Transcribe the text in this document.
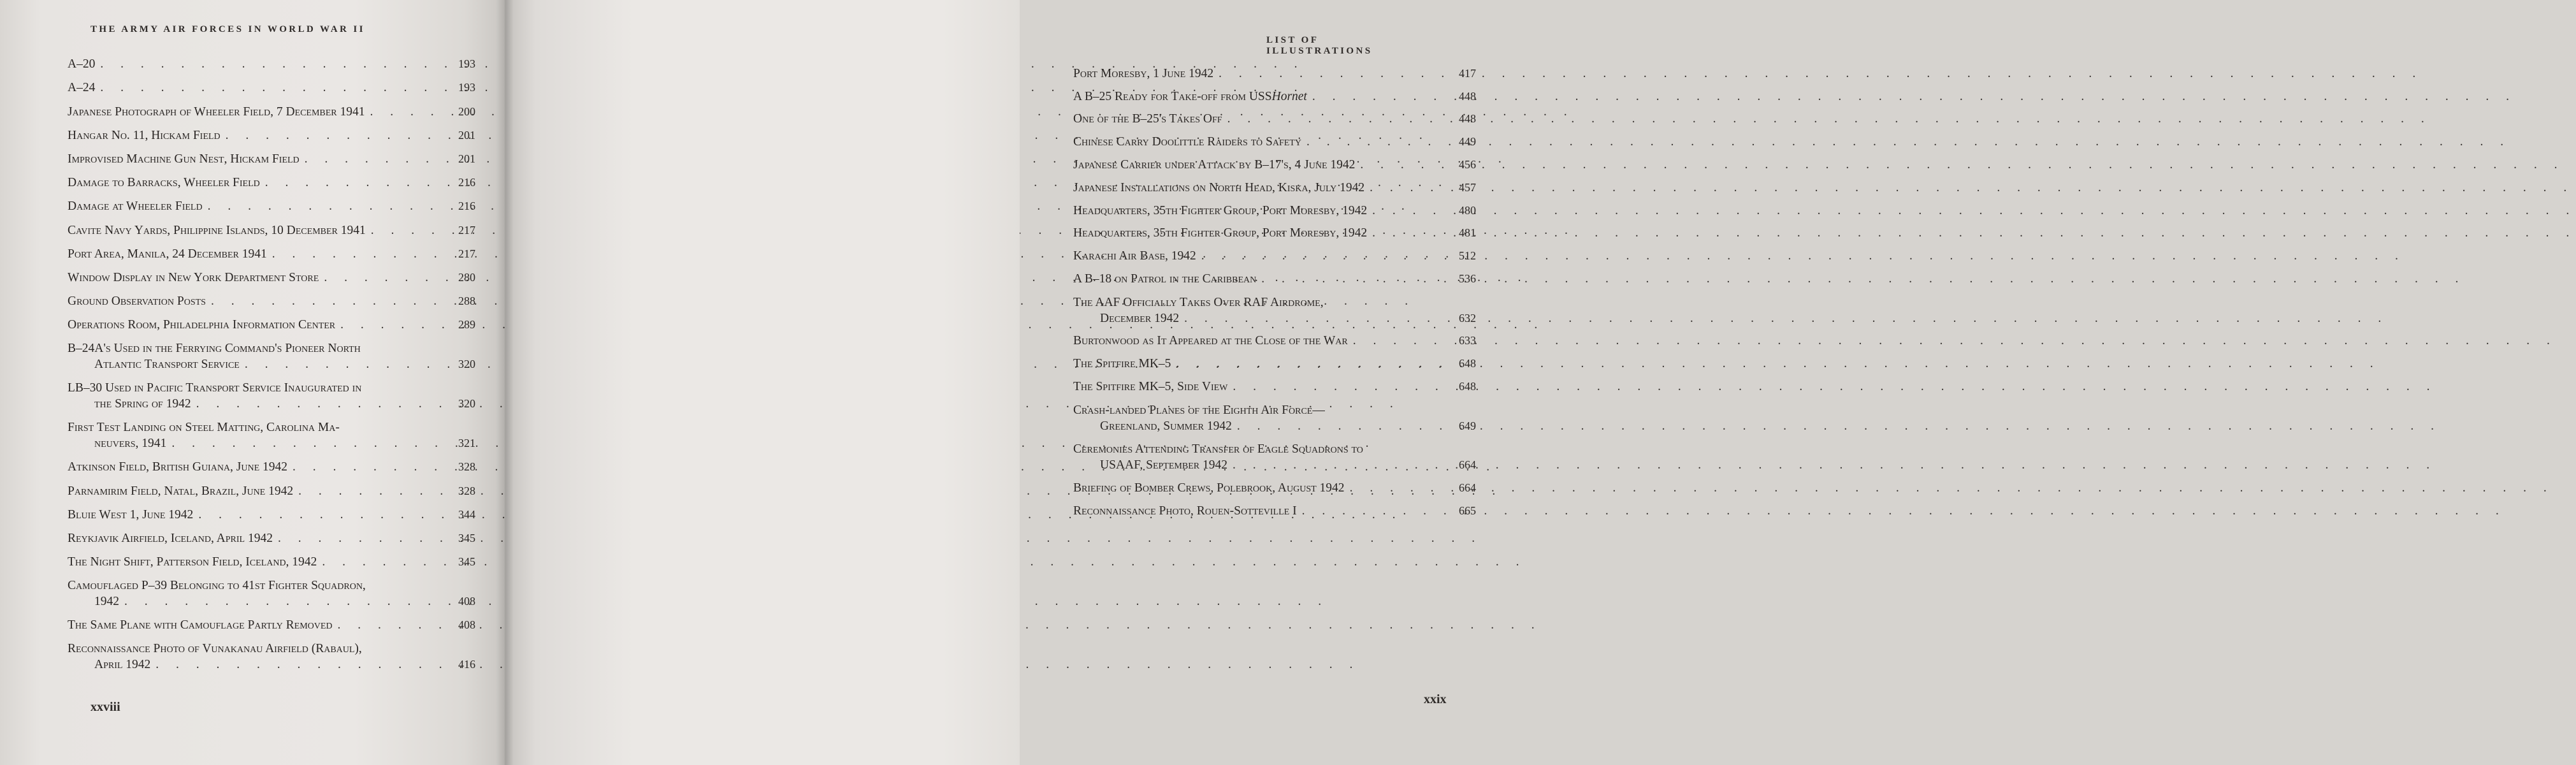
THE ARMY AIR FORCES IN WORLD WAR II
A–20 . . .	193
A–24 . . .	193
Japanese Photograph of Wheeler Field, 7 December 1941 . . .	200
Hangar No. 11, Hickam Field . . .	201
Improvised Machine Gun Nest, Hickam Field . . .	201
Damage to Barracks, Wheeler Field . . .	216
Damage at Wheeler Field . . .	216
Cavite Navy Yards, Philippine Islands, 10 December 1941 . . .	217
Port Area, Manila, 24 December 1941 . . .	217
Window Display in New York Department Store . . .	280
Ground Observation Posts . . .	288
Operations Room, Philadelphia Information Center . . .	289
B–24A's Used in the Ferrying Command's Pioneer North
Atlantic Transport Service . . .	320
LB–30 Used in Pacific Transport Service Inaugurated in
the Spring of 1942 . . .	320
First Test Landing on Steel Matting, Carolina Ma-
neuvers, 1941 . . .	321
Atkinson Field, British Guiana, June 1942 . . .	328
Parnamirim Field, Natal, Brazil, June 1942 . . .	328
Bluie West 1, June 1942 . . .	344
Reykjavik Airfield, Iceland, April 1942 . . .	345
The Night Shift, Patterson Field, Iceland, 1942 . . .	345
Camouflaged P–39 Belonging to 41st Fighter Squadron,
1942 . . .	408
The Same Plane with Camouflage Partly Removed . . .	408
Reconnaissance Photo of Vunakanau Airfield (Rabaul),
April 1942 . . .	416
xxviii
LIST OF ILLUSTRATIONS
Port Moresby, 1 June 1942 . . .	417
A B–25 Ready for Take-off from USS Hornet . . .	448
One of the B–25's Takes Off . . .	448
Chinese Carry Doolittle Raiders to Safety . . .	449
Japanese Carrier under Attack by B–17's, 4 June 1942 . . .	456
Japanese Installations on North Head, Kiska, July 1942 . . .	457
Headquarters, 35th Fighter Group, Port Moresby, 1942 . . .	480
Headquarters, 35th Fighter Group, Port Moresby, 1942 . . .	481
Karachi Air Base, 1942 . . .	512
A B–18 on Patrol in the Caribbean . . .	536
The AAF Officially Takes Over RAF Airdrome,
December 1942 . . .	632
Burtonwood as It Appeared at the Close of the War . . .	633
The Spitfire MK–5 . . .	648
The Spitfire MK–5, Side View . . .	648
Crash-landed Planes of the Eighth Air Force—
Greenland, Summer 1942 . . .	649
Ceremonies Attending Transfer of Eagle Squadrons to
USAAF, September 1942 . . .	664
Briefing of Bomber Crews, Polebrook, August 1942 . . .	664
Reconnaissance Photo, Rouen-Sotteville I . . .	665
xxix
